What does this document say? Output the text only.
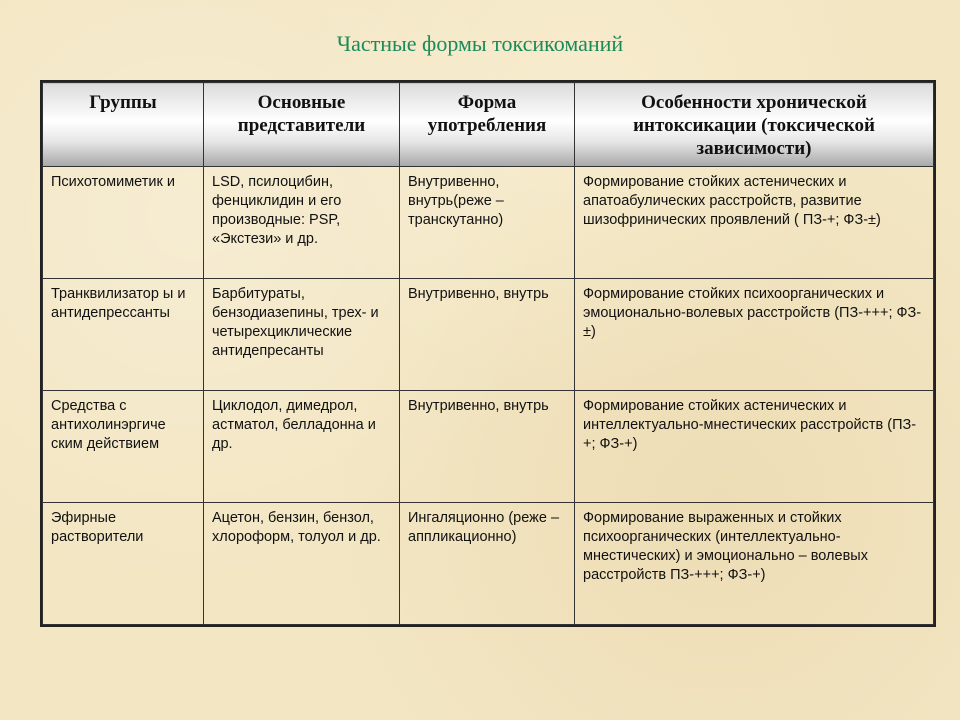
Частные формы токсикоманий
Группы	Основные представители	Форма употребления	Особенности хронической интоксикации (токсической зависимости)
Психотомиметик и	LSD, псилоцибин, фенциклидин и его производные: PSP, «Экстези» и др.	Внутривенно, внутрь(реже – транскутанно)	Формирование стойких астенических и апатоабулических расстройств, развитие шизофринических проявлений ( ПЗ-+; ФЗ-±)
Транквилизатор ы и антидепрессанты	Барбитураты, бензодиазепины, трех- и четырехциклические антидепресанты	Внутривенно, внутрь	Формирование стойких психоорганических и эмоционально-волевых расстройств (ПЗ-+++; ФЗ-±)
Средства с антихолинэргиче ским действием	Циклодол, димедрол, астматол, белладонна и др.	Внутривенно, внутрь	Формирование стойких астенических и интеллектуально-мнестических расстройств (ПЗ-+; ФЗ-+)
Эфирные растворители	Ацетон, бензин, бензол, хлороформ, толуол и др.	Ингаляционно (реже – аппликационно)	Формирование выраженных и стойких психоорганических (интеллектуально-мнестических) и эмоционально – волевых расстройств ПЗ-+++; ФЗ-+)
